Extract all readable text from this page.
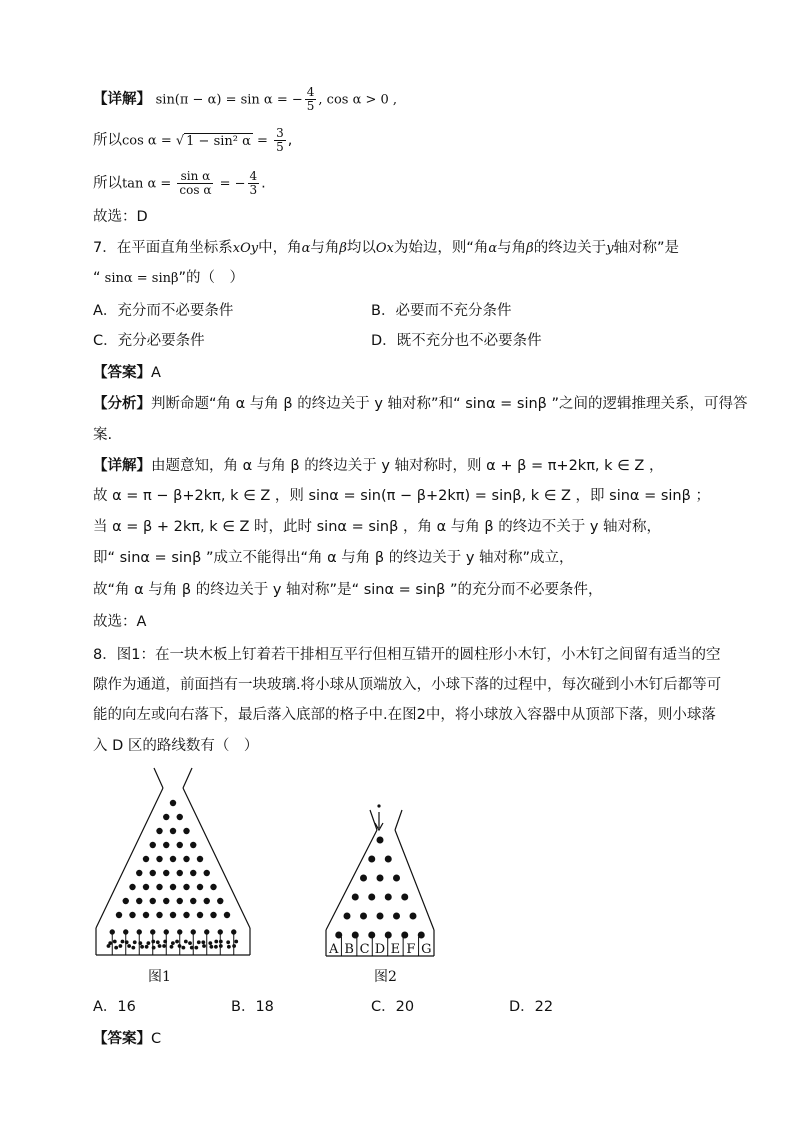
【详解】 sin(π − α) = sin α = − $\frac{4}{5}$ , cos α > 0 ,
所以cos α = √ 1 − sin² $\alpha = \frac{3}{5}$ ,
所以$\tan \alpha = \frac{\text{sin α}}{\text{cos α}}$ = − $\frac{4}{3}$ .
故选：D
7．在平面直角坐标系xOy中，角α与角β均以Ox为始边，则“角α与角β的终边关于y轴对称”是
“ sinα = sinβ”的（　）
A．充分而不必要条件	B．必要而不充分条件
C．充分必要条件	D．既不充分也不必要条件
【答案】A
【分析】判断命题“角 α 与角 β 的终边关于 y 轴对称”和“ sinα = sinβ ”之间的逻辑推理关系，可得答
案.
【详解】由题意知，角 α 与角 β 的终边关于 y 轴对称时，则 α + β = π+2kπ, k ∈ Z ，
故 α = π − β+2kπ, k ∈ Z ，则 sinα = sin(π − β+2kπ) = sinβ, k ∈ Z ，即 sinα = sinβ ；
当 α = β + 2kπ, k ∈ Z 时，此时 sinα = sinβ ，角 α 与角 β 的终边不关于 y 轴对称，
即“ sinα = sinβ ”成立不能得出“角 α 与角 β 的终边关于 y 轴对称”成立，
故“角 α 与角 β 的终边关于 y 轴对称”是“ sinα = sinβ ”的充分而不必要条件，
故选：A
8．图1：在一块木板上钉着若干排相互平行但相互错开的圆柱形小木钉，小木钉之间留有适当的空
隙作为通道，前面挡有一块玻璃.将小球从顶端放入，小球下落的过程中，每次碰到小木钉后都等可
能的向左或向右落下，最后落入底部的格子中.在图2中，将小球放入容器中从顶部下落，则小球落
入 D 区的路线数有（　）
图1
A B C D E F G
图2
A．16	B．18	C．20	D．22
【答案】C
